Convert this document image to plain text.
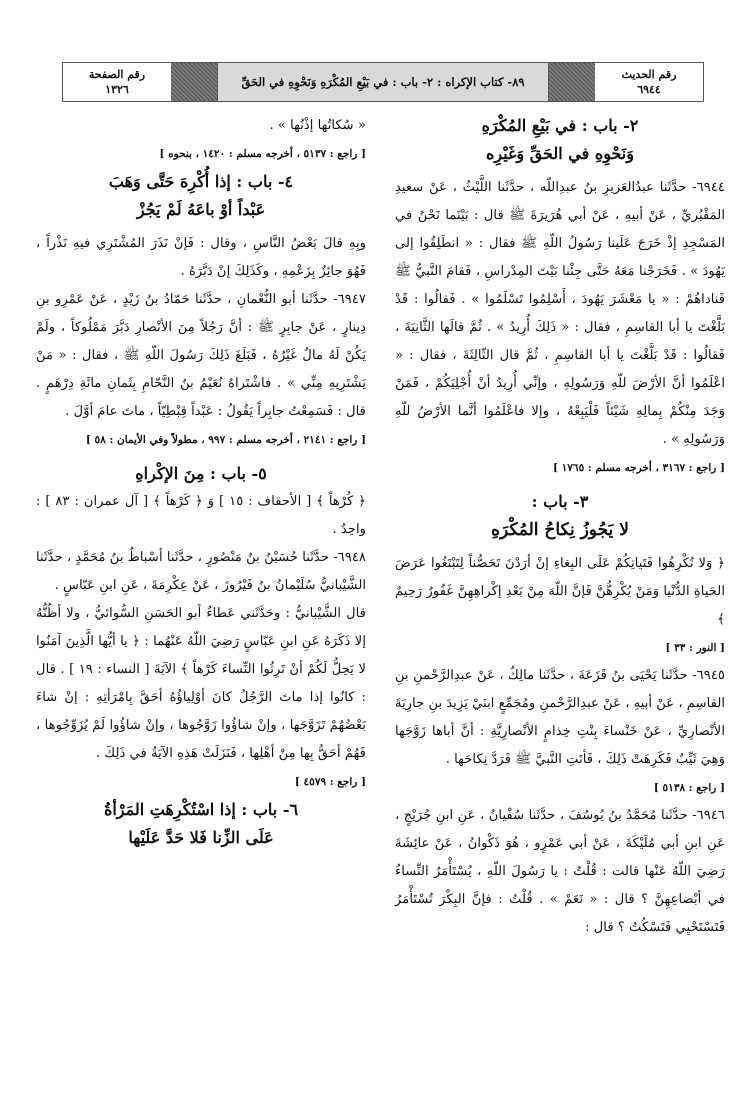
رقم الحديث
٦٩٤٤
٨٩- كتاب الإكراه : ٢- باب : في بَيْعِ المُكْرَهِ وَنَحْوِهِ في الحَقِّ
رقم الصفحة
١٣٢٦

٢- باب : في بَيْعِ المُكْرَهِ

وَنَحْوِهِ في الحَقِّ وَغَيْرِه

٦٩٤٤- حدَّثَنا عبدُالعَزيزِ بنُ عبدِاللّه ، حدَّثَنا اللَّيْثُ ، عَنْ سعيدِ المَقْبُريِّ ، عَنْ أبيهِ ، عَنْ أبي هُرَيرَةَ ﷺ قال : بَيْنَما نَحْنُ في المَسْجِدِ إذْ خَرَجَ عَلَينا رَسُولُ اللّهِ ﷺ فقال : « انطَلِقُوا إلى يَهُودَ » . فَخَرَجْنا مَعَهُ حَتَّى جِئْنا بَيْتَ المِدْراسِ ، فَقامَ النَّبيُّ ﷺ فَناداهُمْ : « يا مَعْشَرَ يَهُودَ ، أَسْلِمُوا تَسْلَمُوا » . فَقالُوا : قَدْ بَلَّغْتَ يا أبا القاسِمِ ، فقال : « ذَلِكَ أُرِيدُ » . ثُمَّ قالَها الثَّانِيَةَ ، فَقالُوا : قَدْ بَلَّغْتَ يا أبا القاسِمِ ، ثُمَّ قال الثّالِثَةَ ، فقال : « اعْلَمُوا أنَّ الأرْضَ للّهِ وَرَسُولِهِ ، وإنِّي أُرِيدُ أنْ أُجْلِيَكُمْ ، فَمَنْ وَجَدَ مِنْكُمْ بِمالِهِ شَيْئاً فَلْيَبِعْهُ ، وإلا فاعْلَمُوا أنَّما الأرْضُ للّهِ وَرَسُولِهِ » .

[ راجع : ٣١٦٧ ، أخرجه مسلم : ١٧٦٥ ]

٣- باب :

لا يَجُوزُ نِكاحُ المُكْرَهِ

﴿ وَلا تُكْرِهُوا فَتَياتِكُمْ عَلَى البِغاءِ إنْ أرَدْنَ تَحَصُّناً لِتَبْتَغُوا عَرَضَ الحَياةِ الدُّنْيا وَمَنْ يُكْرِهُّنَّ فَإنَّ اللّهَ مِنْ بَعْدِ إكْراهِهِنَّ غَفُورٌ رَحِيمٌ ﴾

[ النور : ٣٣ ]

٦٩٤٥- حدَّثَنا يَحْيَى بنُ قَزَعَةَ ، حدَّثَنا مالِكٌ ، عَنْ عبدِالرَّحْمنِ بنِ القاسِمِ ، عَنْ أبيهِ ، عَنْ عبدِالرَّحْمنِ ومُجَمِّعٍ ابنَيْ يَزِيدَ بنِ جارِيَةَ الأنْصارِيِّ ، عَنْ خَنْساءَ بِنْتِ خِذامٍ الأنْصارِيَّةِ : أنَّ أباها زَوَّجَها وَهِيَ ثَيِّبٌ فَكَرِهَتْ ذَلِكَ ، فَأتَتِ النَّبيَّ ﷺ فَرَدَّ نِكاحَها .

[ راجع : ٥١٣٨ ]

٦٩٤٦- حدَّثَنا مُحَمَّدُ بنُ يُوسُفَ ، حدَّثَنا سُفْيانُ ، عَنِ ابنِ جُرَيْجٍ ، عَنِ ابنِ أبي مُلَيْكَةَ ، عَنْ أبي عَمْرٍو ، هُوَ ذَكْوانُ ، عَنْ عائِشَةَ رَضِيَ اللّهُ عَنْها قالت : قُلْتُ : يا رَسُولَ اللّهِ ، يُسْتَأْمَرُ النِّساءُ في أبْضاعِهِنَّ ؟ قال : « نَعَمْ » . قُلْتُ : فإنَّ البِكْرَ تُسْتَأْمَرُ فَتَسْتَحْيِي فَتَسْكُتُ ؟ قال :

« سُكاتُها إذْنُها » .

[ راجع : ٥١٣٧ ، أخرجه مسلم : ١٤٢٠ ، بنحوه ]

٤- باب : إذا أُكْرِهَ حَتَّى وَهَبَ

عَبْداً أوْ باعَهُ لَمْ يَجُزْ

وبِهِ قالَ بَعْضُ النَّاسِ ، وقال : فَإنْ نَذَرَ المُشْتَرِي فيهِ نَذْراً ، فَهُوَ جائِزٌ بِزَعْمِهِ ، وكَذَلِكَ إنْ دَبَّرَهُ .

٦٩٤٧- حدَّثَنا أبو النُّعْمانِ ، حدَّثَنا حَمّادُ بنُ زَيْدٍ ، عَنْ عَمْرِو بنِ دِينارٍ ، عَنْ جابِرٍ ﷺ : أنَّ رَجُلاً مِنَ الأنْصارِ دَبَّرَ مَمْلُوكاً ، ولَمْ يَكُنْ لَهُ مالٌ غَيْرُهُ ، فَبَلَغَ ذَلِكَ رَسُولَ اللّهِ ﷺ ، فقال : « مَنْ يَشْتَرِيهِ مِنِّي » . فاشْتَراهُ نُعَيْمُ بنُ النَّحّامِ بِثَمانِ مائَةِ دِرْهَمٍ . قال : فَسَمِعْتُ جابِراً يَقُولُ : عَبْداً قِبْطِيّاً ، ماتَ عامَ أوَّلَ .

[ راجع : ٢١٤١ ، أخرجه مسلم : ٩٩٧ ، مطولاً وفي الأيمان : ٥٨ ]

٥- باب : مِنَ الإكْراهِ

﴿ كُرْهاً ﴾ [ الأحقاف : ١٥ ] وَ ﴿ كَرْهاً ﴾ [ آل عمران : ٨٣ ] : واحِدٌ .

٦٩٤٨- حدَّثَنا حُسَيْنُ بنُ مَنْصُورٍ ، حدَّثَنا أسْباطُ بنُ مُحَمَّدٍ ، حدَّثَنا الشَّيْبانيُّ سُلَيْمانُ بنُ فَيْرُوزَ ، عَنْ عِكْرِمَةَ ، عَنِ ابنِ عَبّاسٍ .

قال الشَّيْبانيُّ : وحَدَّثَني عَطاءٌ أبو الحَسَنِ السُّوائيُّ ، ولا أظُنُّهُ إلا ذَكَرَهُ عَنِ ابنِ عَبّاسٍ رَضِيَ اللّهُ عَنْهُما : ﴿ يا أيُّها الَّذِينَ آمَنُوا لا يَحِلُّ لَكُمْ أنْ تَرِثُوا النِّساءَ كَرْهاً ﴾ الآيَةَ [ النساء : ١٩ ] . قال : كانُوا إذا ماتَ الرَّجُلُ كانَ أوْلِياؤُهُ أحَقَّ بِامْرَأتِهِ : إنْ شاءَ بَعْضُهُمْ تَزَوَّجَها ، وإنْ شاؤُوا زَوَّجُوها ، وإنْ شاؤُوا لَمْ يُزَوِّجُوها ، فَهُمْ أحَقُّ بِها مِنْ أهْلِها ، فَنَزَلَتْ هَذِهِ الآيَةُ في ذَلِكَ .

[ راجع : ٤٥٧٩ ]

٦- باب : إذا اسْتُكْرِهَتِ المَرْأةُ

عَلَى الزِّنا فَلا حَدَّ عَلَيْها
